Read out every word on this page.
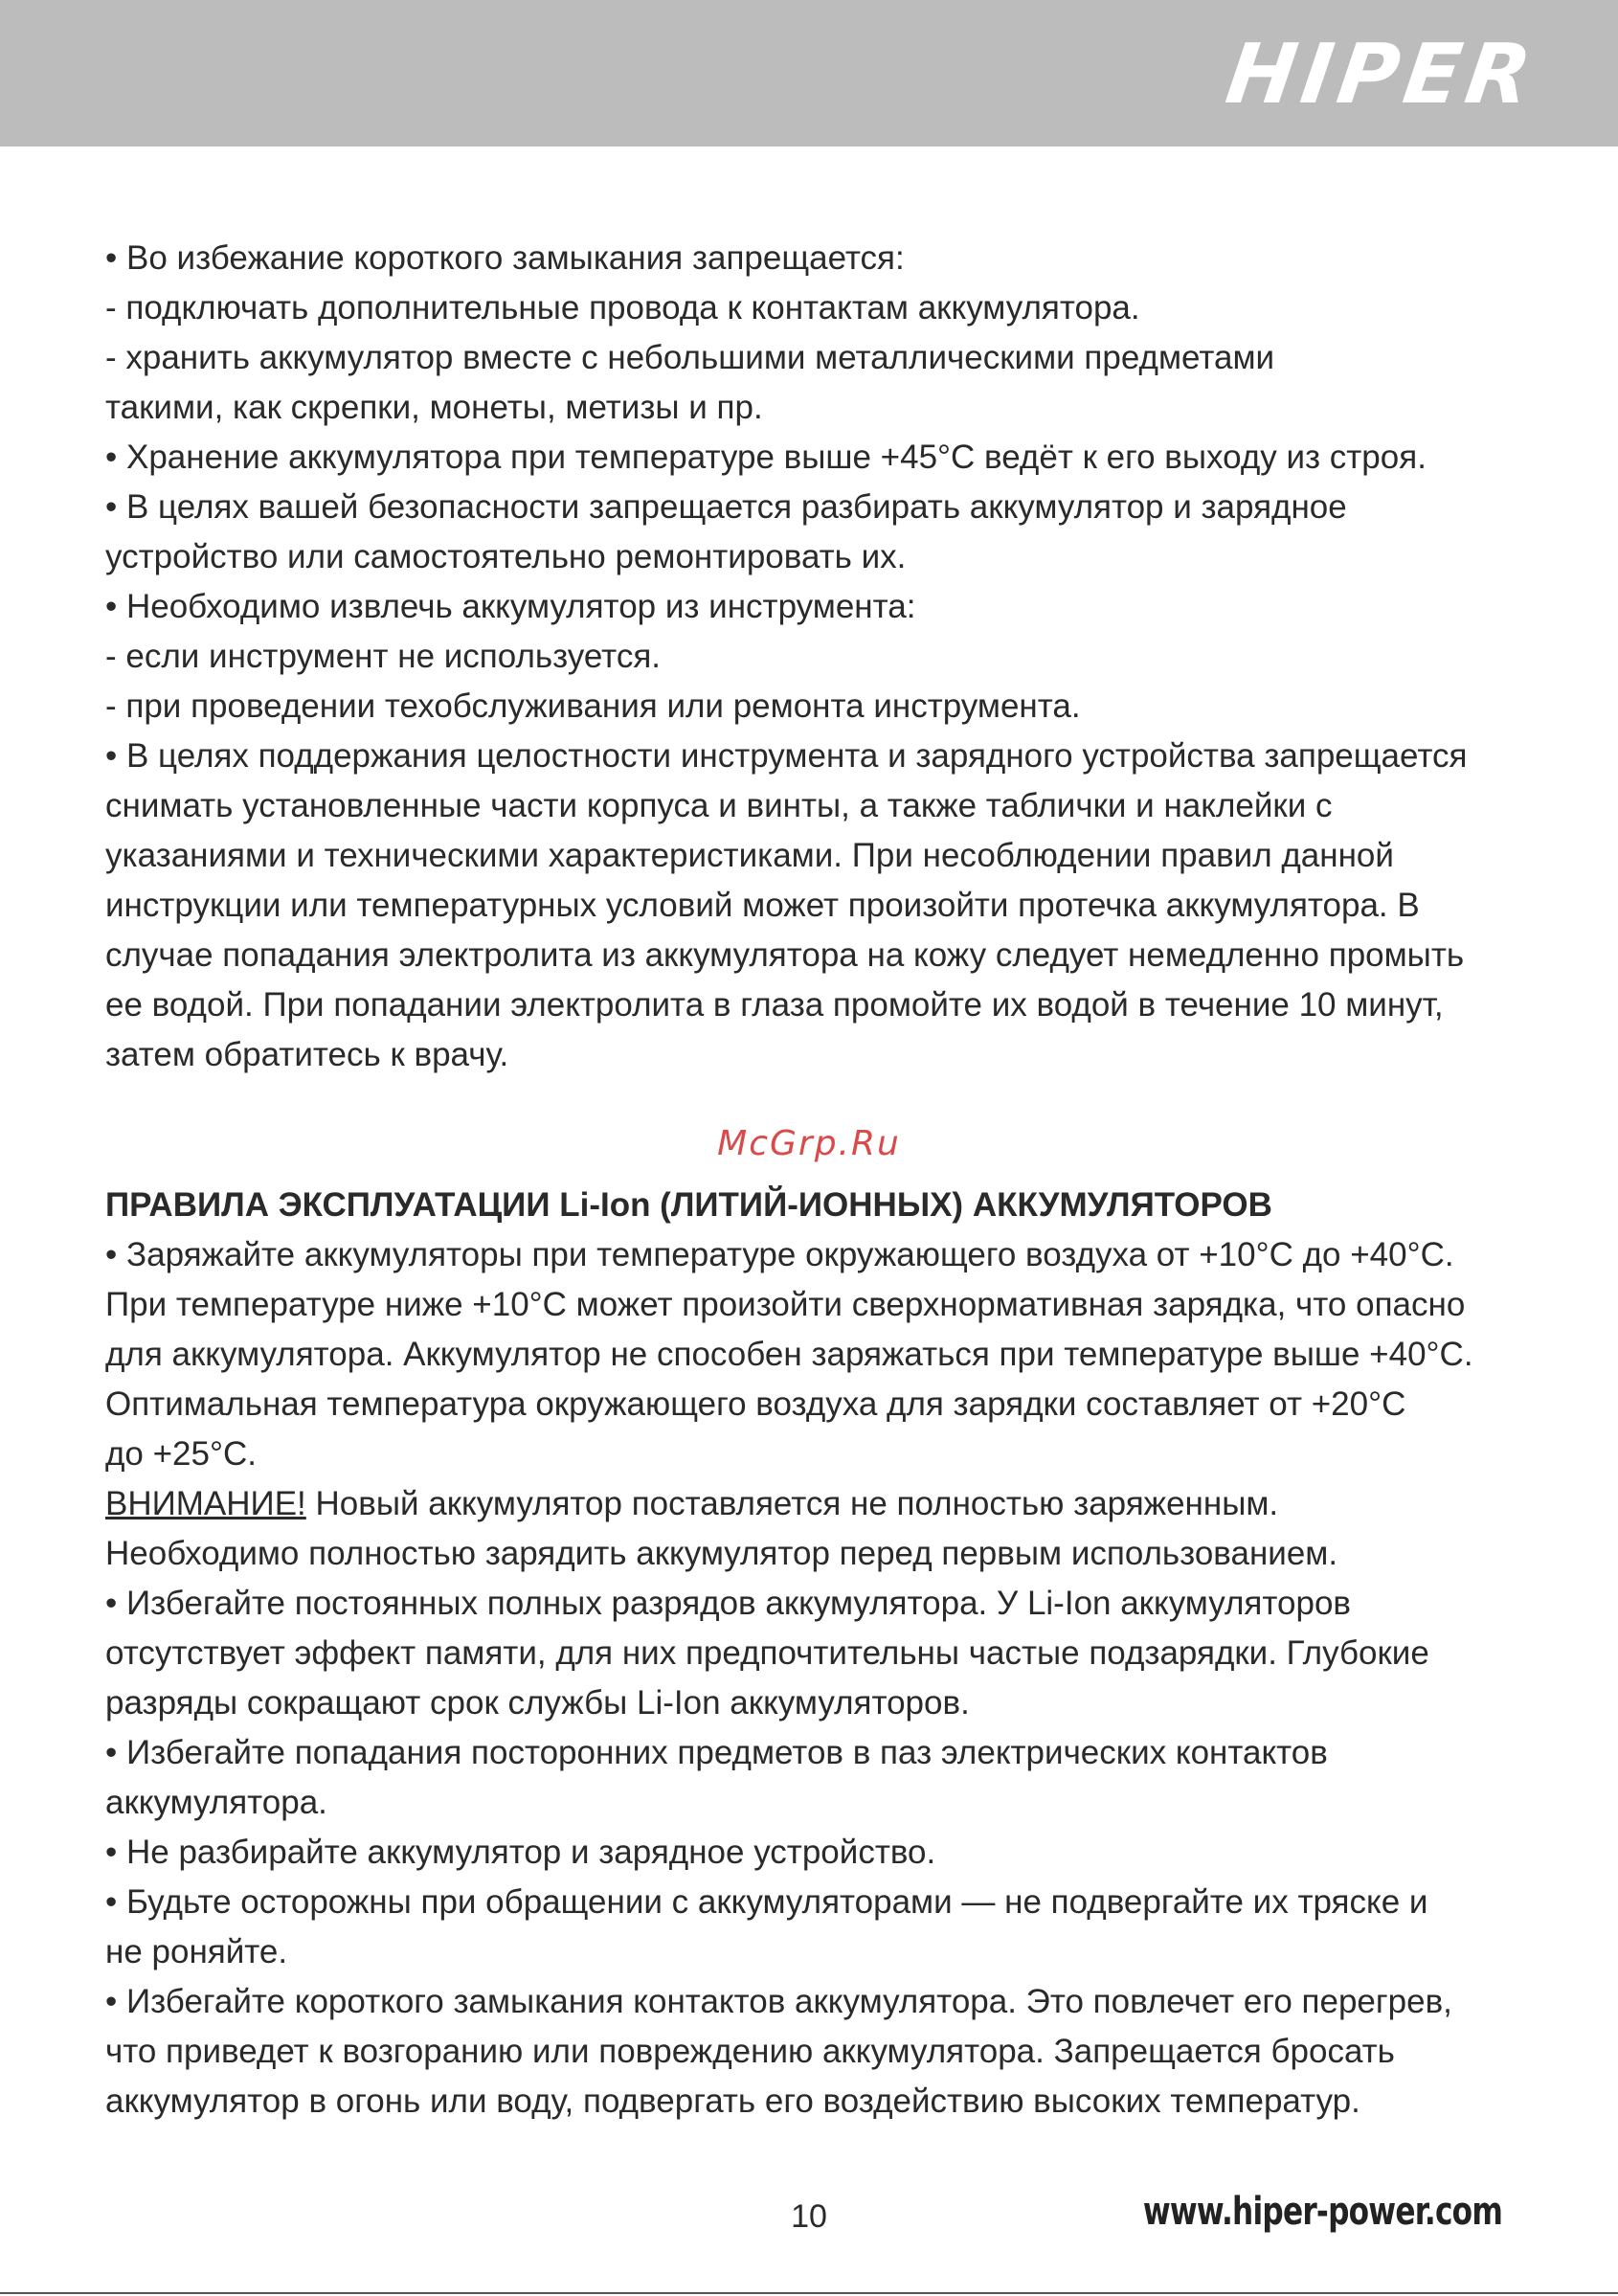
HIPER
• Во избежание короткого замыкания запрещается:
- подключать дополнительные провода к контактам аккумулятора.
- хранить аккумулятор вместе с небольшими металлическими предметами
такими, как скрепки, монеты, метизы и пр.
• Хранение аккумулятора при температуре выше +45°С ведёт к его выходу из строя.
• В целях вашей безопасности запрещается разбирать аккумулятор и зарядное
устройство или самостоятельно ремонтировать их.
• Необходимо извлечь аккумулятор из инструмента:
- если инструмент не используется.
- при проведении техобслуживания или ремонта инструмента.
• В целях поддержания целостности инструмента и зарядного устройства запрещается
снимать установленные части корпуса и винты, а также таблички и наклейки с
указаниями и техническими характеристиками. При несоблюдении правил данной
инструкции или температурных условий может произойти протечка аккумулятора. В
случае попадания электролита из аккумулятора на кожу следует немедленно промыть
ее водой. При попадании электролита в глаза промойте их водой в течение 10 минут,
затем обратитесь к врачу.
McGrp.Ru
ПРАВИЛА ЭКСПЛУАТАЦИИ Li-Ion (ЛИТИЙ-ИОННЫХ) АККУМУЛЯТОРОВ
• Заряжайте аккумуляторы при температуре окружающего воздуха от +10°С до +40°С.
При температуре ниже +10°С может произойти сверхнормативная зарядка, что опасно
для аккумулятора. Аккумулятор не способен заряжаться при температуре выше +40°С.
Оптимальная температура окружающего воздуха для зарядки составляет от +20°С
до +25°С.
ВНИМАНИЕ! Новый аккумулятор поставляется не полностью заряженным.
Необходимо полностью зарядить аккумулятор перед первым использованием.
• Избегайте постоянных полных разрядов аккумулятора. У Li-Ion аккумуляторов
отсутствует эффект памяти, для них предпочтительны частые подзарядки. Глубокие
разряды сокращают срок службы Li-Ion аккумуляторов.
• Избегайте попадания посторонних предметов в паз электрических контактов
аккумулятора.
• Не разбирайте аккумулятор и зарядное устройство.
• Будьте осторожны при обращении с аккумуляторами — не подвергайте их тряске и
не роняйте.
• Избегайте короткого замыкания контактов аккумулятора. Это повлечет его перегрев,
что приведет к возгоранию или повреждению аккумулятора. Запрещается бросать
аккумулятор в огонь или воду, подвергать его воздействию высоких температур.
10	www.hiper-power.com
